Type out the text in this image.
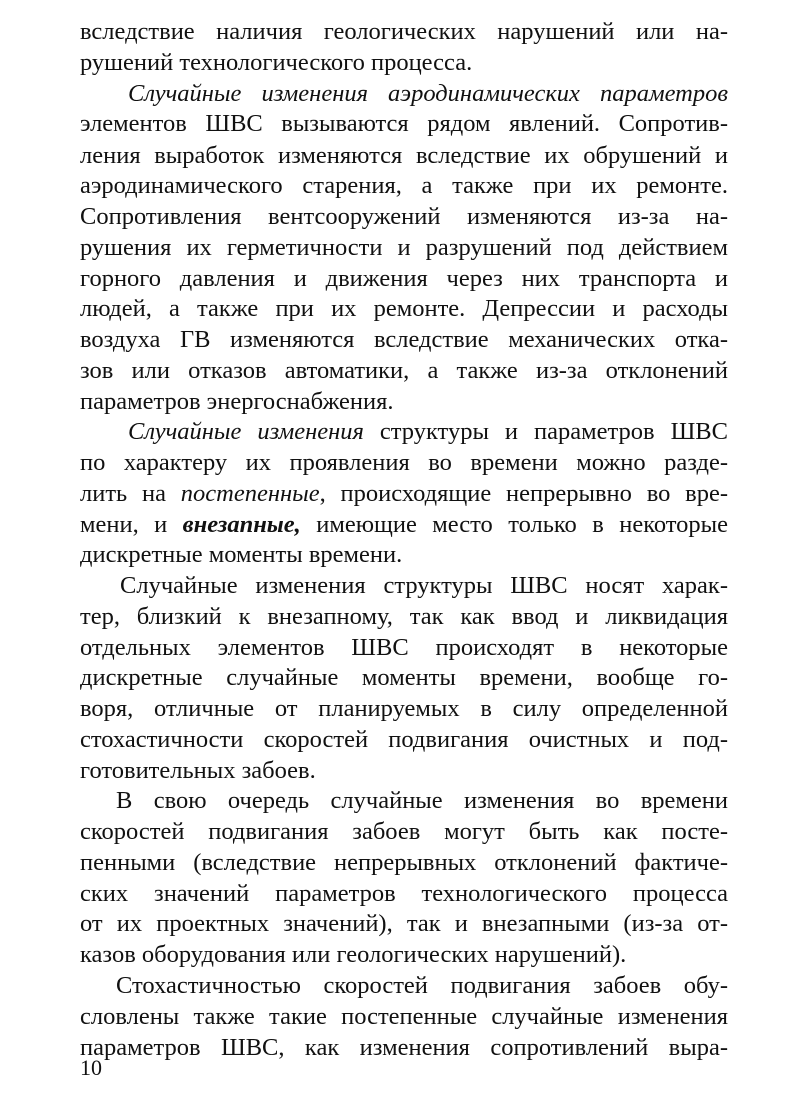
вследствие наличия геологических нарушений или на-
рушений технологического процесса.
Случайные изменения аэродинамических параметров
элементов ШВС вызываются рядом явлений. Сопротив-
ления выработок изменяются вследствие их обрушений и
аэродинамического старения, а также при их ремонте.
Сопротивления вентсооружений изменяются из-за на-
рушения их герметичности и разрушений под действием
горного давления и движения через них транспорта и
людей, а также при их ремонте. Депрессии и расходы
воздуха ГВ изменяются вследствие механических отка-
зов или отказов автоматики, а также из-за отклонений
параметров энергоснабжения.
Случайные изменения структуры и параметров ШВС
по характеру их проявления во времени можно разде-
лить на постепенные, происходящие непрерывно во вре-
мени, и внезапные, имеющие место только в некоторые
дискретные моменты времени.
Случайные изменения структуры ШВС носят харак-
тер, близкий к внезапному, так как ввод и ликвидация
отдельных элементов ШВС происходят в некоторые
дискретные случайные моменты времени, вообще го-
воря, отличные от планируемых в силу определенной
стохастичности скоростей подвигания очистных и под-
готовительных забоев.
В свою очередь случайные изменения во времени
скоростей подвигания забоев могут быть как посте-
пенными (вследствие непрерывных отклонений фактиче-
ских значений параметров технологического процесса
от их проектных значений), так и внезапными (из-за от-
казов оборудования или геологических нарушений).
Стохастичностью скоростей подвигания забоев обу-
словлены также такие постепенные случайные изменения
параметров ШВС, как изменения сопротивлений выра-
10
